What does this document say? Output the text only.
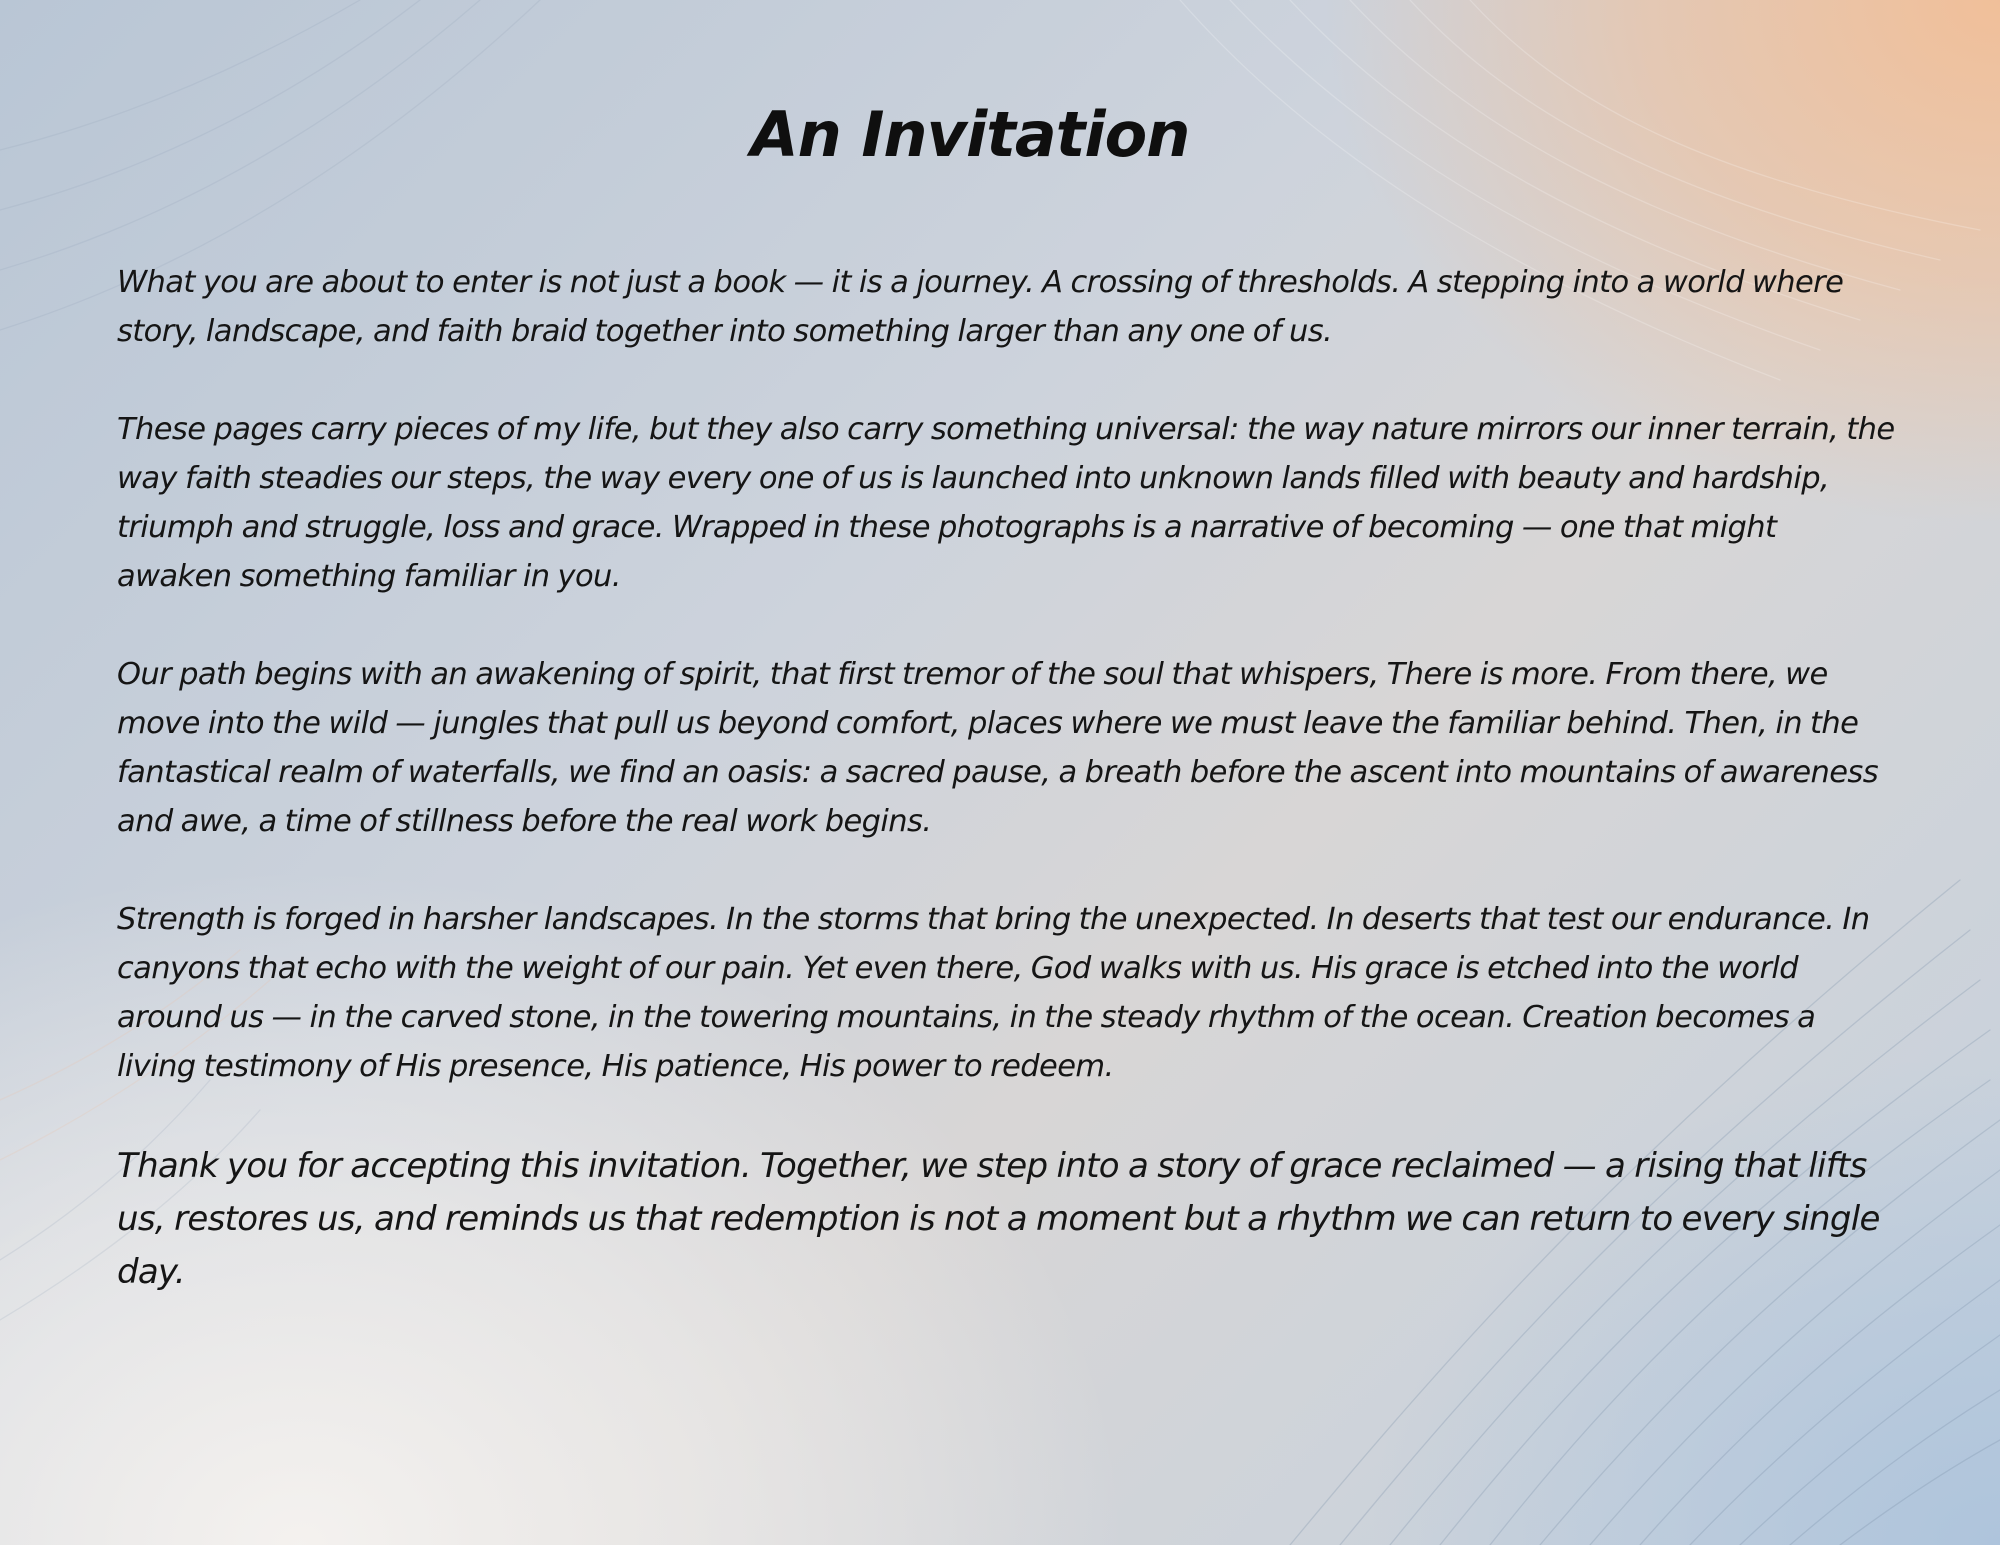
An Invitation

What you are about to enter is not just a book — it is a journey. A crossing of thresholds. A stepping into a world where story, landscape, and faith braid together into something larger than any one of us.

These pages carry pieces of my life, but they also carry something universal: the way nature mirrors our inner terrain, the way faith steadies our steps, the way every one of us is launched into unknown lands filled with beauty and hardship, triumph and struggle, loss and grace. Wrapped in these photographs is a narrative of becoming — one that might awaken something familiar in you.

Our path begins with an awakening of spirit, that first tremor of the soul that whispers, There is more. From there, we move into the wild — jungles that pull us beyond comfort, places where we must leave the familiar behind. Then, in the fantastical realm of waterfalls, we find an oasis: a sacred pause, a breath before the ascent into mountains of awareness and awe, a time of stillness before the real work begins.

Strength is forged in harsher landscapes. In the storms that bring the unexpected. In deserts that test our endurance. In canyons that echo with the weight of our pain. Yet even there, God walks with us. His grace is etched into the world around us — in the carved stone, in the towering mountains, in the steady rhythm of the ocean. Creation becomes a living testimony of His presence, His patience, His power to redeem.

Thank you for accepting this invitation. Together, we step into a story of grace reclaimed — a rising that lifts us, restores us, and reminds us that redemption is not a moment but a rhythm we can return to every single day.
